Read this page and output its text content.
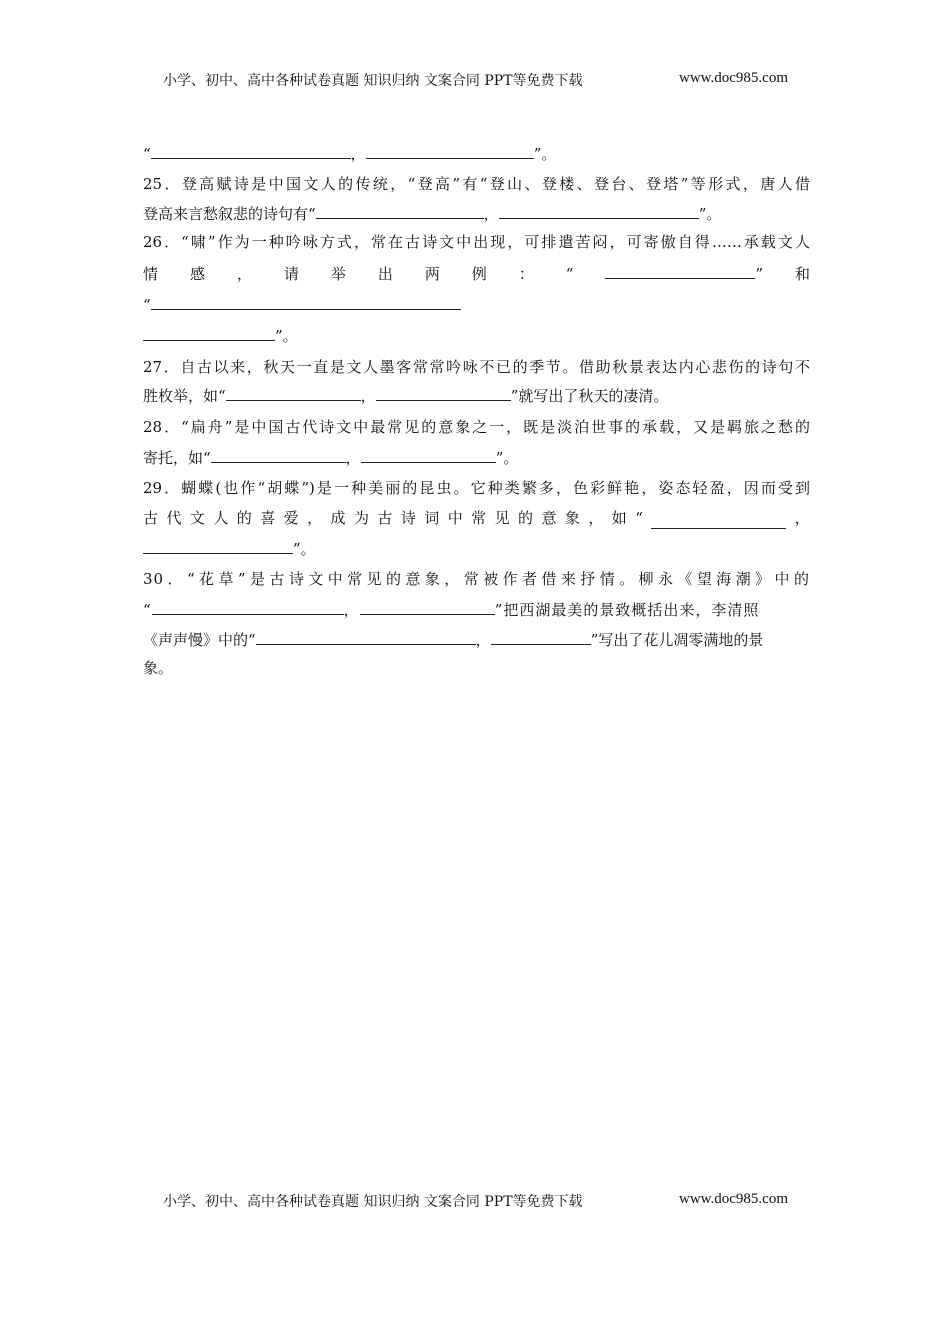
小学、初中、高中各种试卷真题 知识归纳 文案合同 PPT等免费下载	www.doc985.com
“	，	”。
25．登高赋诗是中国文人的传统，“登高”有“登山、登楼、登台、登塔”等形式，唐人借
登高来言愁叙悲的诗句有“	，	”。
26．“啸”作为一种吟咏方式，常在古诗文中出现，可排遣苦闷，可寄傲自得……承载文人
情 感 ， 请 举 出 两 例 ： “	” 和
“
”。
27．自古以来，秋天一直是文人墨客常常吟咏不已的季节。借助秋景表达内心悲伤的诗句不
胜枚举，如“	，	”就写出了秋天的凄清。
28．“扁舟”是中国古代诗文中最常见的意象之一，既是淡泊世事的承载，又是羁旅之愁的
寄托，如“	，	”。
29．蝴蝶(也作“胡蝶”)是一种美丽的昆虫。它种类繁多，色彩鲜艳，姿态轻盈，因而受到
古 代 文 人 的 喜 爱 ， 成 为 古 诗 词 中 常 见 的 意 象 ， 如 “	，
”。
30．“花草”是古诗文中常见的意象，常被作者借来抒情。柳永《望海潮》中的
“	，	”把西湖最美的景致概括出来，李清照
《声声慢》中的“	，	”写出了花儿凋零满地的景
象。
小学、初中、高中各种试卷真题 知识归纳 文案合同 PPT等免费下载	www.doc985.com
